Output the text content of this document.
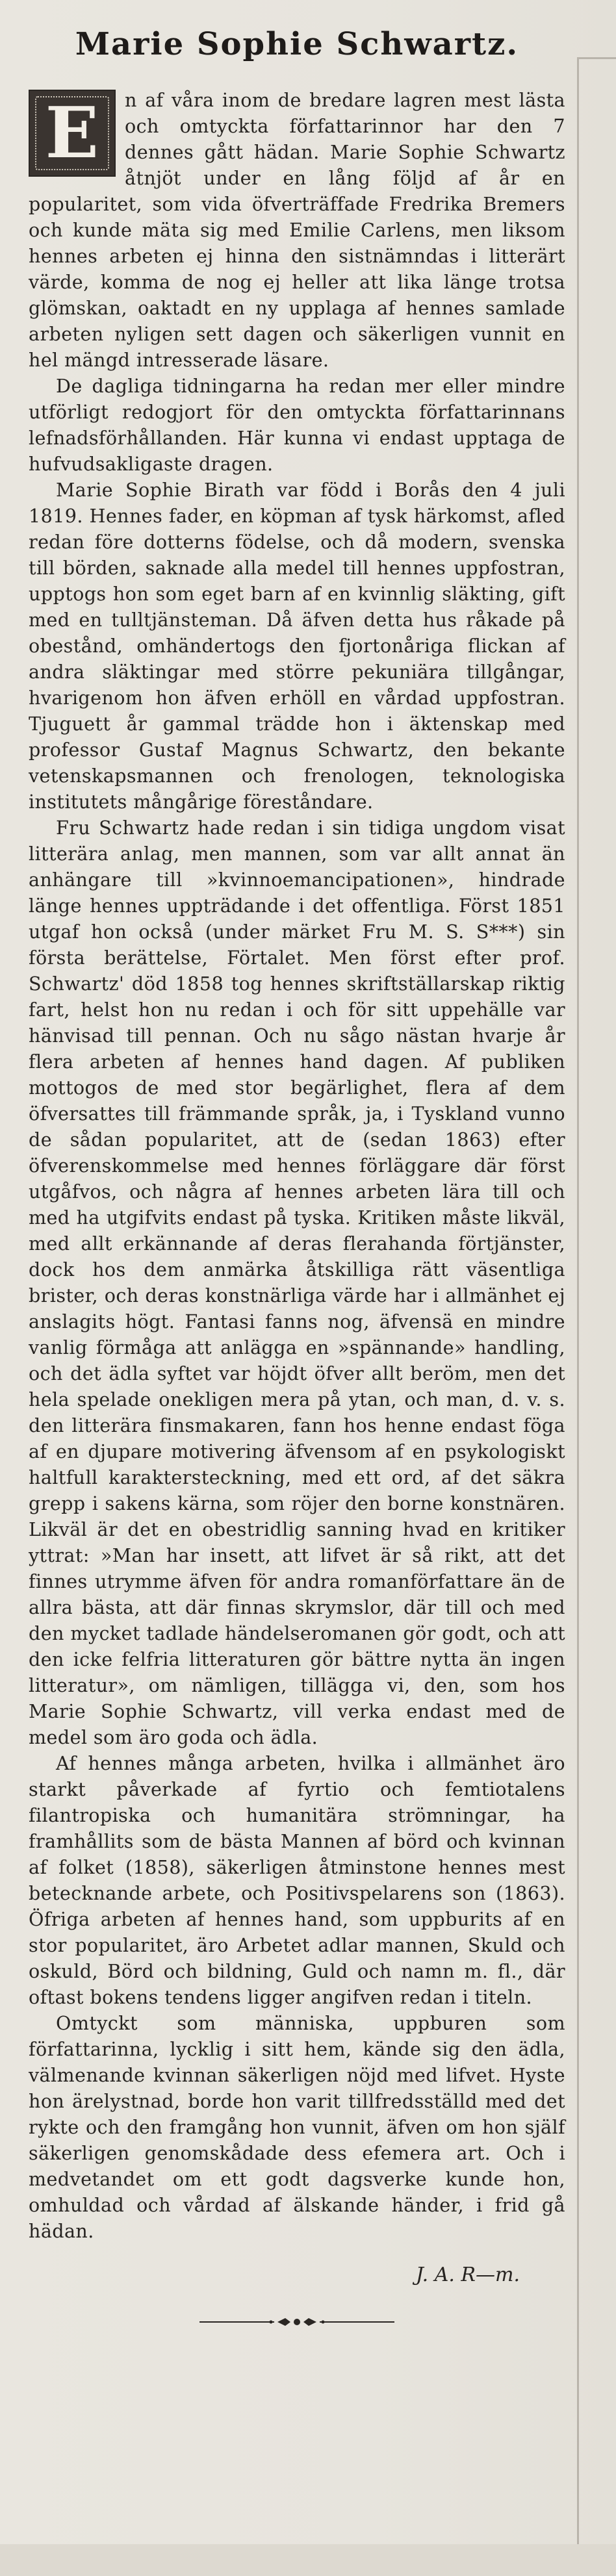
Marie Sophie Schwartz.

E n af våra inom de bredare lagren mest lästa och omtyckta författarinnor har den 7 dennes gått hädan. Marie Sophie Schwartz åtnjöt under en lång följd af år en popularitet, som vida öfverträffade Fredrika Bremers och kunde mäta sig med Emilie Carlens, men liksom hennes arbeten ej hinna den sistnämndas i litterärt värde, komma de nog ej heller att lika länge trotsa glömskan, oaktadt en ny upplaga af hennes samlade arbeten nyligen sett dagen och säkerligen vunnit en hel mängd intresserade läsare.

De dagliga tidningarna ha redan mer eller mindre utförligt redogjort för den omtyckta författarinnans lefnadsförhållanden. Här kunna vi endast upptaga de hufvudsakligaste dragen.

Marie Sophie Birath var född i Borås den 4 juli 1819. Hennes fader, en köpman af tysk härkomst, afled redan före dotterns födelse, och då modern, svenska till börden, saknade alla medel till hennes uppfostran, upptogs hon som eget barn af en kvinnlig släkting, gift med en tulltjänsteman. Då äfven detta hus råkade på obestånd, omhändertogs den fjortonåriga flickan af andra släktingar med större pekuniära tillgångar, hvarigenom hon äfven erhöll en vårdad uppfostran. Tjuguett år gammal trädde hon i äktenskap med professor Gustaf Magnus Schwartz, den bekante vetenskapsmannen och frenologen, teknologiska institutets mångårige föreståndare.

Fru Schwartz hade redan i sin tidiga ungdom visat litterära anlag, men mannen, som var allt annat än anhängare till »kvinnoemancipationen», hindrade länge hennes uppträdande i det offentliga. Först 1851 utgaf hon också (under märket Fru M. S. S***) sin första berättelse, Förtalet. Men först efter prof. Schwartz' död 1858 tog hennes skriftställarskap riktig fart, helst hon nu redan i och för sitt uppehälle var hänvisad till pennan. Och nu sågo nästan hvarje år flera arbeten af hennes hand dagen. Af publiken mottogos de med stor begärlighet, flera af dem öfversattes till främmande språk, ja, i Tyskland vunno de sådan popularitet, att de (sedan 1863) efter öfverenskommelse med hennes förläggare där först utgåfvos, och några af hennes arbeten lära till och med ha utgifvits endast på tyska. Kritiken måste likväl, med allt erkännande af deras flerahanda förtjänster, dock hos dem anmärka åtskilliga rätt väsentliga brister, och deras konstnärliga värde har i allmänhet ej anslagits högt. Fantasi fanns nog, äfvensä en mindre vanlig förmåga att anlägga en »spännande» handling, och det ädla syftet var höjdt öfver allt beröm, men det hela spelade onekligen mera på ytan, och man, d. v. s. den litterära finsmakaren, fann hos henne endast föga af en djupare motivering äfvensom af en psykologiskt haltfull karaktersteckning, med ett ord, af det säkra grepp i sakens kärna, som röjer den borne konstnären. Likväl är det en obestridlig sanning hvad en kritiker yttrat: »Man har insett, att lifvet är så rikt, att det finnes utrymme äfven för andra romanförfattare än de allra bästa, att där finnas skrymslor, där till och med den mycket tadlade händelseromanen gör godt, och att den icke felfria litteraturen gör bättre nytta än ingen litteratur», om nämligen, tillägga vi, den, som hos Marie Sophie Schwartz, vill verka endast med de medel som äro goda och ädla.

Af hennes många arbeten, hvilka i allmänhet äro starkt påverkade af fyrtio och femtiotalens filantropiska och humanitära strömningar, ha framhållits som de bästa Mannen af börd och kvinnan af folket (1858), säkerligen åtminstone hennes mest betecknande arbete, och Positivspelarens son (1863). Öfriga arbeten af hennes hand, som uppburits af en stor popularitet, äro Arbetet adlar mannen, Skuld och oskuld, Börd och bildning, Guld och namn m. fl., där oftast bokens tendens ligger angifven redan i titeln.

Omtyckt som människa, uppburen som författarinna, lycklig i sitt hem, kände sig den ädla, välmenande kvinnan säkerligen nöjd med lifvet. Hyste hon ärelystnad, borde hon varit tillfredsställd med det rykte och den framgång hon vunnit, äfven om hon själf säkerligen genomskådade dess efemera art. Och i medvetandet om ett godt dagsverke kunde hon, omhuldad och vårdad af älskande händer, i frid gå hädan.

J. A. R—m.
